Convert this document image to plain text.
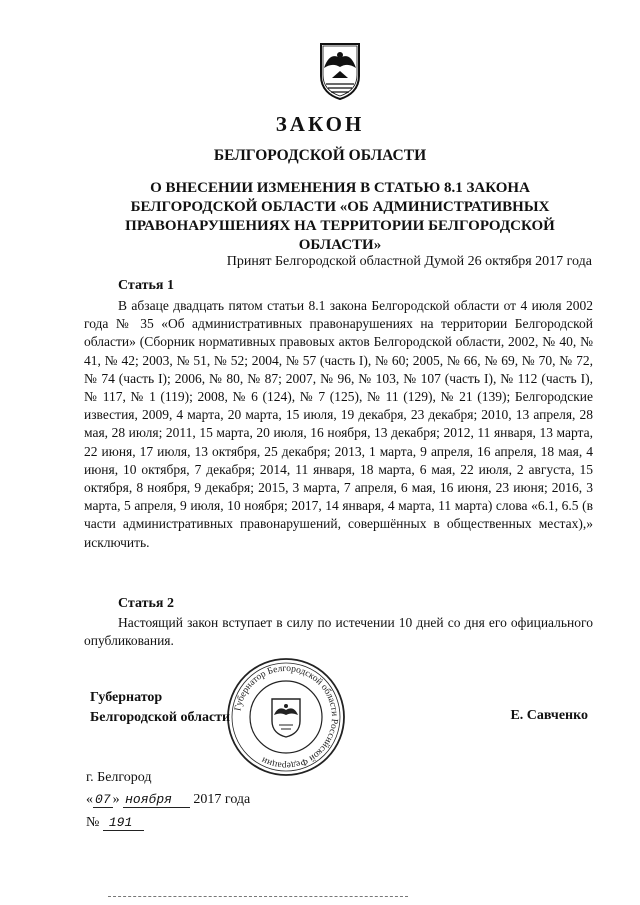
ЗАКОН
БЕЛГОРОДСКОЙ ОБЛАСТИ
О ВНЕСЕНИИ ИЗМЕНЕНИЯ В СТАТЬЮ 8.1 ЗАКОНА БЕЛГОРОДСКОЙ ОБЛАСТИ «ОБ АДМИНИСТРАТИВНЫХ ПРАВОНАРУШЕНИЯХ НА ТЕРРИТОРИИ БЕЛГОРОДСКОЙ ОБЛАСТИ»
Принят Белгородской областной Думой 26 октября 2017 года
Статья 1
В абзаце двадцать пятом статьи 8.1 закона Белгородской области от 4 июля 2002 года № 35 «Об административных правонарушениях на территории Белгородской области» (Сборник нормативных правовых актов Белгородской области, 2002, № 40, № 41, № 42; 2003, № 51, № 52; 2004, № 57 (часть I), № 60; 2005, № 66, № 69, № 70, № 72, № 74 (часть I); 2006, № 80, № 87; 2007, № 96, № 103, № 107 (часть I), № 112 (часть I), № 117, № 1 (119); 2008, № 6 (124), № 7 (125), № 11 (129), № 21 (139); Белгородские известия, 2009, 4 марта, 20 марта, 15 июля, 19 декабря, 23 декабря; 2010, 13 апреля, 28 мая, 28 июля; 2011, 15 марта, 20 июля, 16 ноября, 13 декабря; 2012, 11 января, 13 марта, 22 июня, 17 июля, 13 октября, 25 декабря; 2013, 1 марта, 9 апреля, 16 апреля, 18 мая, 4 июня, 10 октября, 7 декабря; 2014, 11 января, 18 марта, 6 мая, 22 июля, 2 августа, 15 октября, 8 ноября, 9 декабря; 2015, 3 марта, 7 апреля, 6 мая, 16 июня, 23 июня; 2016, 3 марта, 5 апреля, 9 июля, 10 ноября; 2017, 14 января, 4 марта, 11 марта) слова «6.1, 6.5 (в части административных правонарушений, совершённых в общественных местах),» исключить.
Статья 2
Настоящий закон вступает в силу по истечении 10 дней со дня его официального опубликования.
Губернатор Белгородской области Российской Федерации
Губернатор
Белгородской области	Е. Савченко
г. Белгород
« 07 » ноября 2017 года
№ 191
